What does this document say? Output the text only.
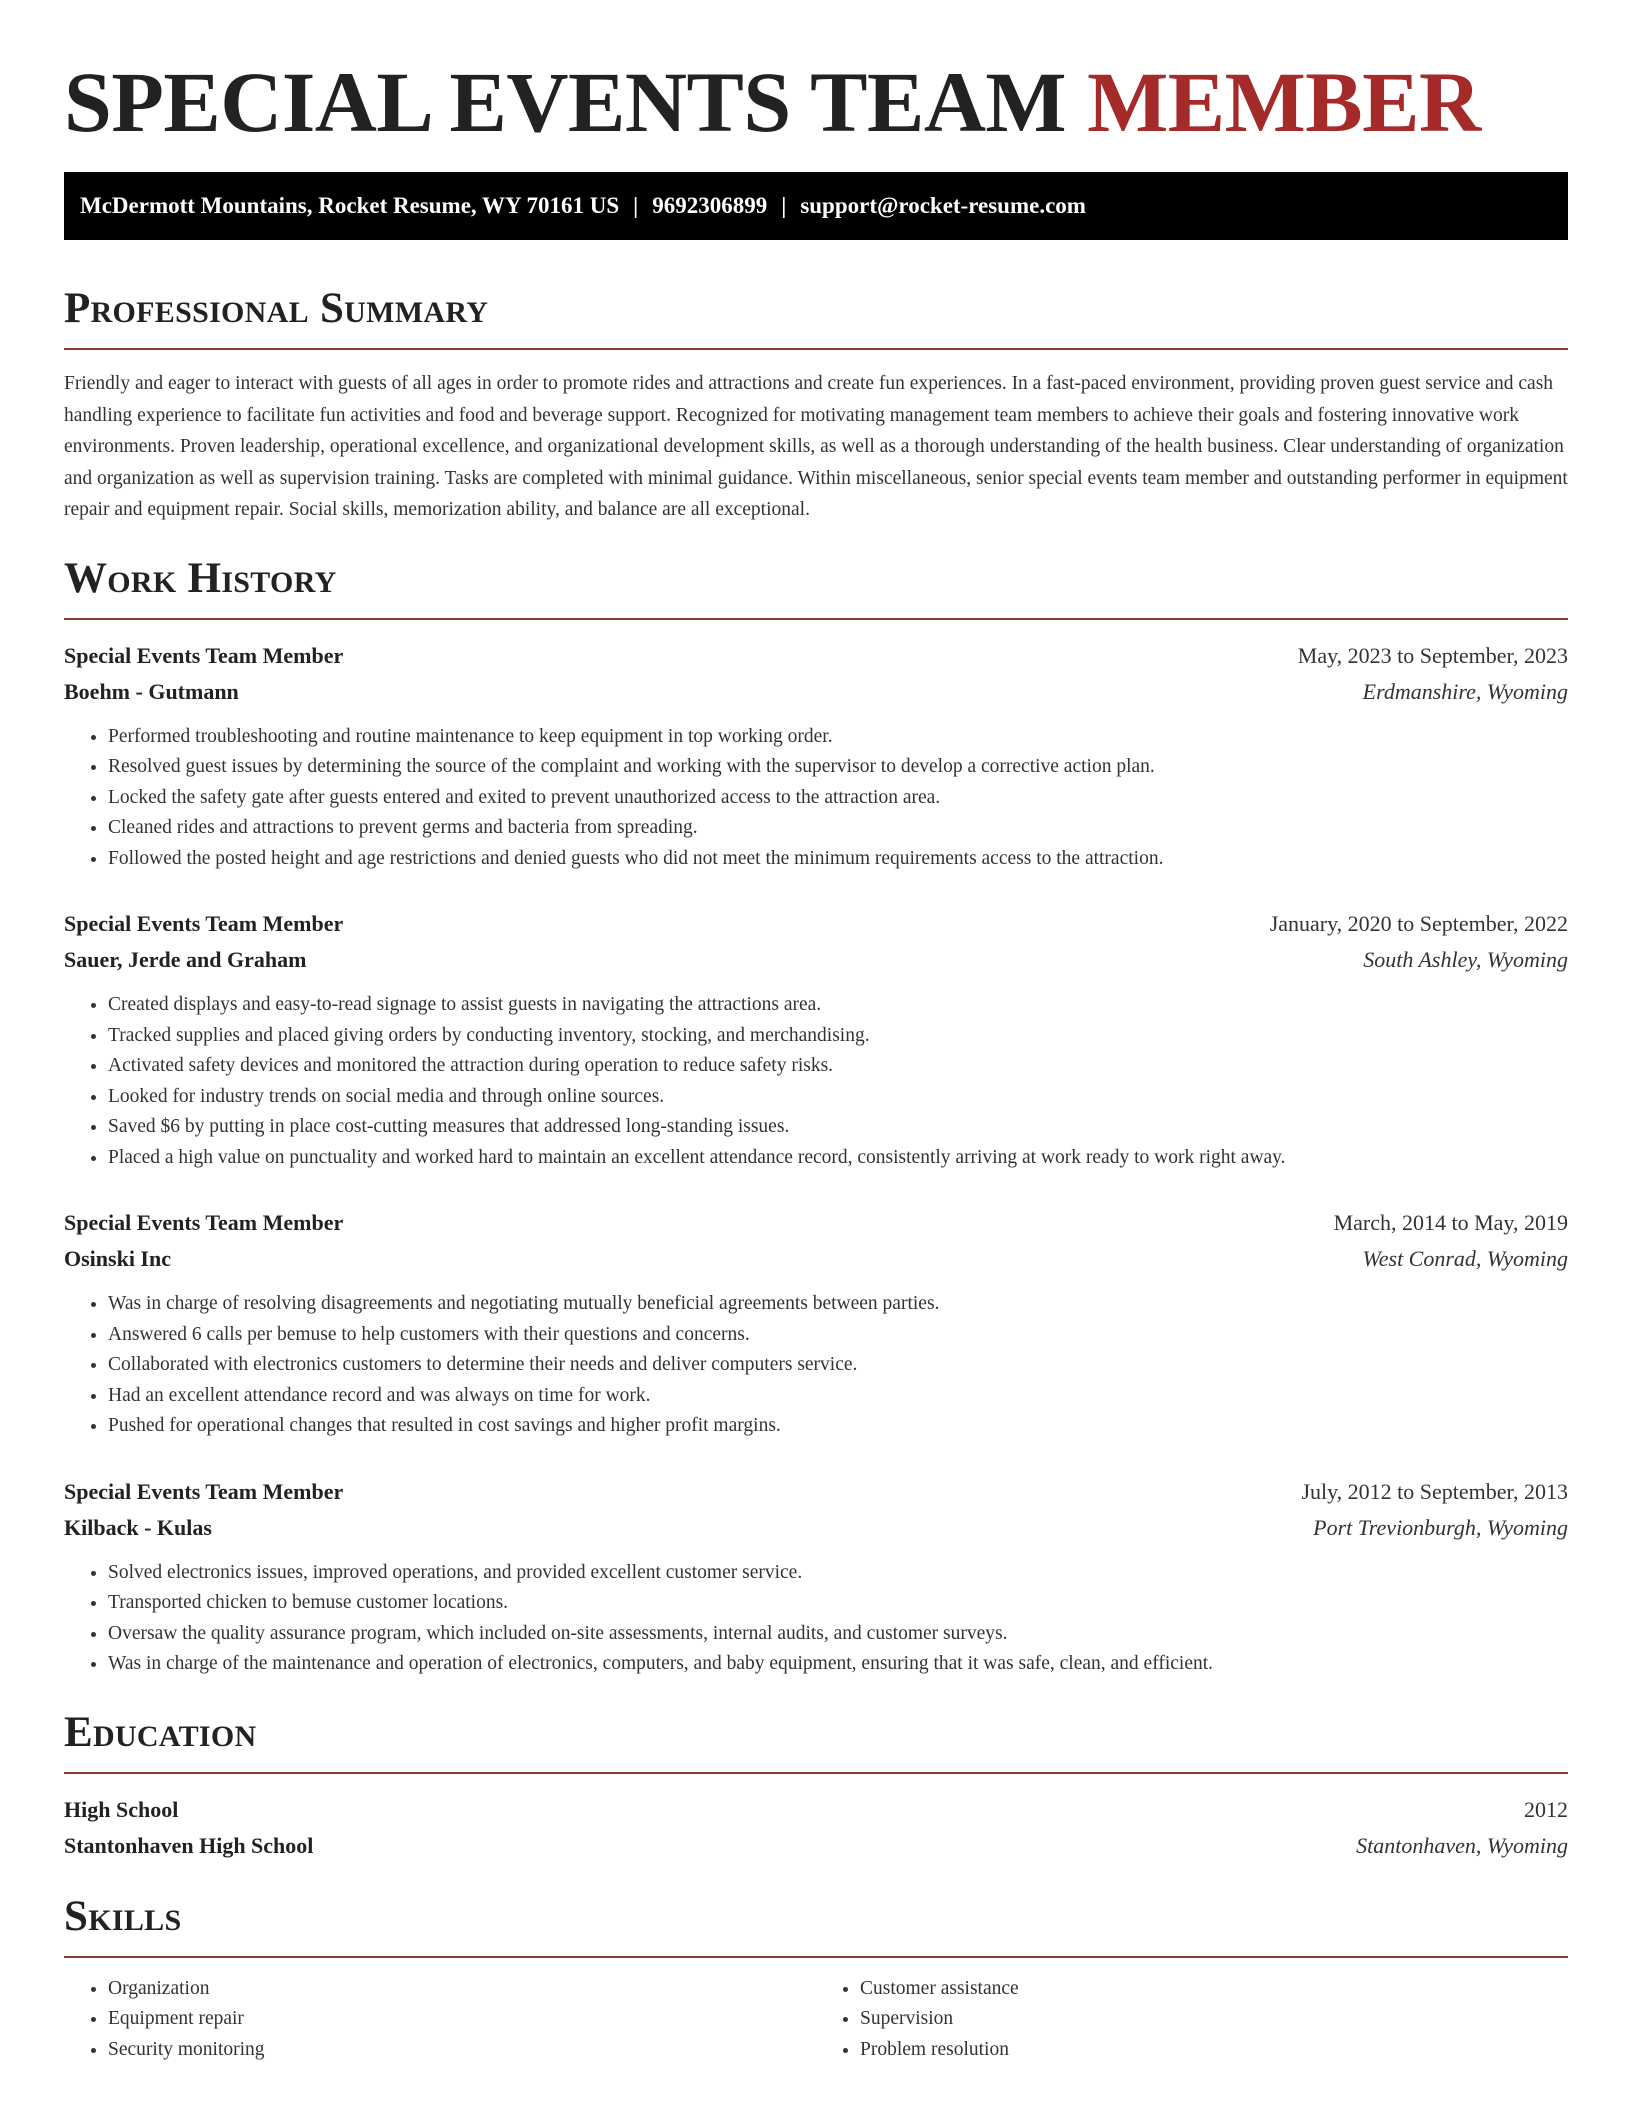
SPECIAL EVENTS TEAM MEMBER
McDermott Mountains, Rocket Resume, WY 70161 US | 9692306899 | support@rocket-resume.com
Professional Summary

Friendly and eager to interact with guests of all ages in order to promote rides and attractions and create fun experiences. In a fast-paced environment, providing proven guest service and cash handling experience to facilitate fun activities and food and beverage support. Recognized for motivating management team members to achieve their goals and fostering innovative work environments. Proven leadership, operational excellence, and organizational development skills, as well as a thorough understanding of the health business. Clear understanding of organization and organization as well as supervision training. Tasks are completed with minimal guidance. Within miscellaneous, senior special events team member and outstanding performer in equipment repair and equipment repair. Social skills, memorization ability, and balance are all exceptional.

Work History
Special Events Team Member	May, 2023 to September, 2023
Boehm - Gutmann	Erdmanshire, Wyoming
• Performed troubleshooting and routine maintenance to keep equipment in top working order.
• Resolved guest issues by determining the source of the complaint and working with the supervisor to develop a corrective action plan.
• Locked the safety gate after guests entered and exited to prevent unauthorized access to the attraction area.
• Cleaned rides and attractions to prevent germs and bacteria from spreading.
• Followed the posted height and age restrictions and denied guests who did not meet the minimum requirements access to the attraction.
Special Events Team Member	January, 2020 to September, 2022
Sauer, Jerde and Graham	South Ashley, Wyoming
• Created displays and easy-to-read signage to assist guests in navigating the attractions area.
• Tracked supplies and placed giving orders by conducting inventory, stocking, and merchandising.
• Activated safety devices and monitored the attraction during operation to reduce safety risks.
• Looked for industry trends on social media and through online sources.
• Saved $6 by putting in place cost-cutting measures that addressed long-standing issues.
• Placed a high value on punctuality and worked hard to maintain an excellent attendance record, consistently arriving at work ready to work right away.
Special Events Team Member	March, 2014 to May, 2019
Osinski Inc	West Conrad, Wyoming
• Was in charge of resolving disagreements and negotiating mutually beneficial agreements between parties.
• Answered 6 calls per bemuse to help customers with their questions and concerns.
• Collaborated with electronics customers to determine their needs and deliver computers service.
• Had an excellent attendance record and was always on time for work.
• Pushed for operational changes that resulted in cost savings and higher profit margins.
Special Events Team Member	July, 2012 to September, 2013
Kilback - Kulas	Port Trevionburgh, Wyoming
• Solved electronics issues, improved operations, and provided excellent customer service.
• Transported chicken to bemuse customer locations.
• Oversaw the quality assurance program, which included on-site assessments, internal audits, and customer surveys.
• Was in charge of the maintenance and operation of electronics, computers, and baby equipment, ensuring that it was safe, clean, and efficient.
Education
High School	2012
Stantonhaven High School	Stantonhaven, Wyoming
Skills
• Organization
• Equipment repair
• Security monitoring
• Customer assistance
• Supervision
• Problem resolution
